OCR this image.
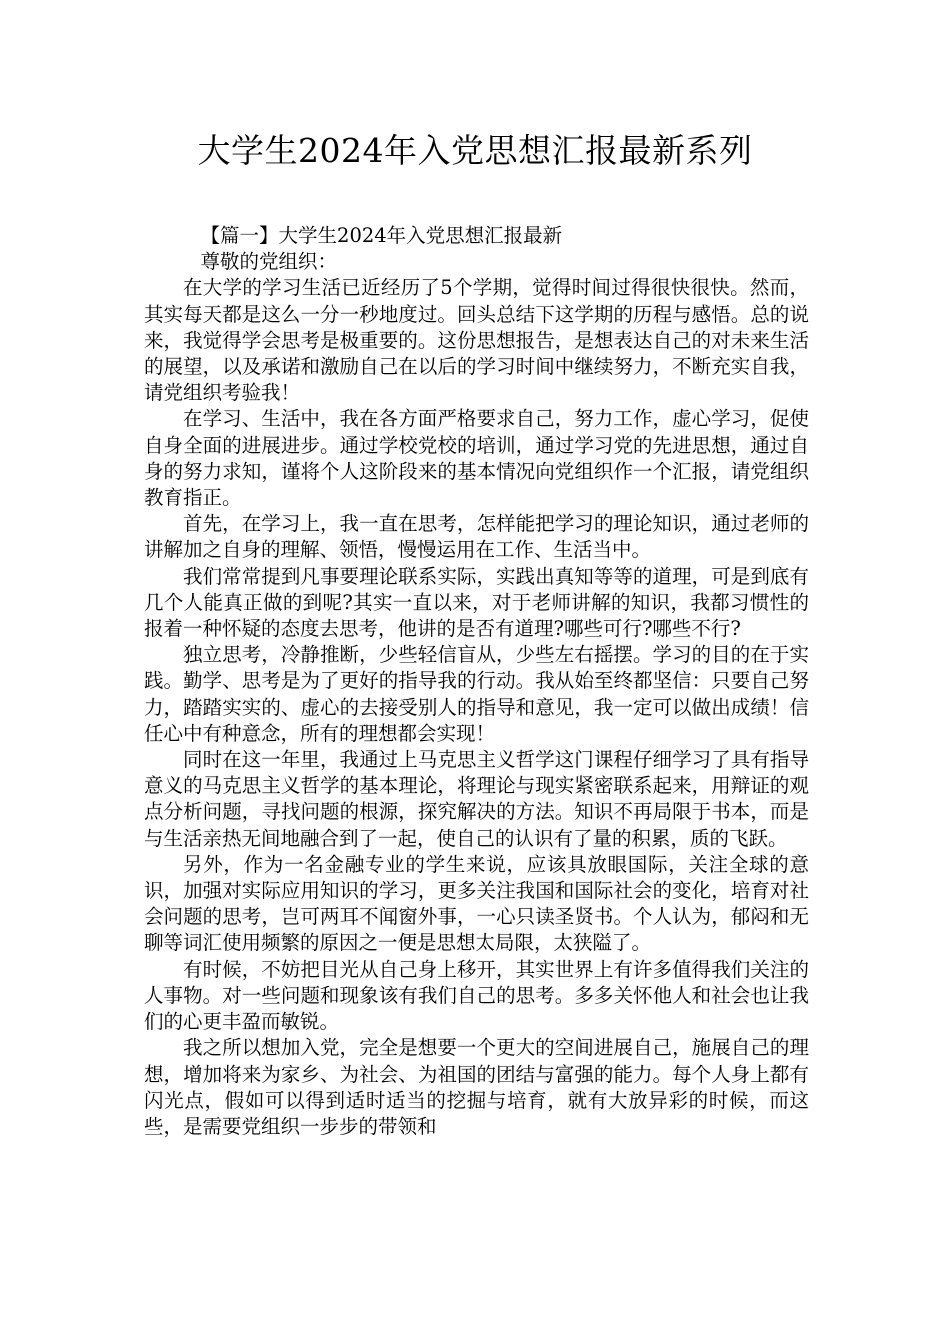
大学生2024年入党思想汇报最新系列

【篇一】大学生2024年入党思想汇报最新

尊敬的党组织：

在大学的学习生活已近经历了5个学期，觉得时间过得很快很快。然而，其实每天都是这么一分一秒地度过。回头总结下这学期的历程与感悟。总的说来，我觉得学会思考是极重要的。这份思想报告，是想表达自己的对未来生活的展望，以及承诺和激励自己在以后的学习时间中继续努力，不断充实自我，请党组织考验我！

在学习、生活中，我在各方面严格要求自己，努力工作，虚心学习，促使自身全面的进展进步。通过学校党校的培训，通过学习党的先进思想，通过自身的努力求知，谨将个人这阶段来的基本情况向党组织作一个汇报，请党组织教育指正。

首先，在学习上，我一直在思考，怎样能把学习的理论知识，通过老师的讲解加之自身的理解、领悟，慢慢运用在工作、生活当中。

我们常常提到凡事要理论联系实际，实践出真知等等的道理，可是到底有几个人能真正做的到呢?其实一直以来，对于老师讲解的知识，我都习惯性的报着一种怀疑的态度去思考，他讲的是否有道理?哪些可行?哪些不行?

独立思考，冷静推断，少些轻信盲从，少些左右摇摆。学习的目的在于实践。勤学、思考是为了更好的指导我的行动。我从始至终都坚信：只要自己努力，踏踏实实的、虚心的去接受别人的指导和意见，我一定可以做出成绩！信任心中有种意念，所有的理想都会实现！

同时在这一年里，我通过上马克思主义哲学这门课程仔细学习了具有指导意义的马克思主义哲学的基本理论，将理论与现实紧密联系起来，用辩证的观点分析问题，寻找问题的根源，探究解决的方法。知识不再局限于书本，而是与生活亲热无间地融合到了一起，使自己的认识有了量的积累，质的飞跃。

另外，作为一名金融专业的学生来说，应该具放眼国际，关注全球的意识，加强对实际应用知识的学习，更多关注我国和国际社会的变化，培育对社会问题的思考，岂可两耳不闻窗外事，一心只读圣贤书。个人认为，郁闷和无聊等词汇使用频繁的原因之一便是思想太局限，太狭隘了。

有时候，不妨把目光从自己身上移开，其实世界上有许多值得我们关注的人事物。对一些问题和现象该有我们自己的思考。多多关怀他人和社会也让我们的心更丰盈而敏锐。

我之所以想加入党，完全是想要一个更大的空间进展自己，施展自己的理想，增加将来为家乡、为社会、为祖国的团结与富强的能力。每个人身上都有闪光点，假如可以得到适时适当的挖掘与培育，就有大放异彩的时候，而这些，是需要党组织一步步的带领和
